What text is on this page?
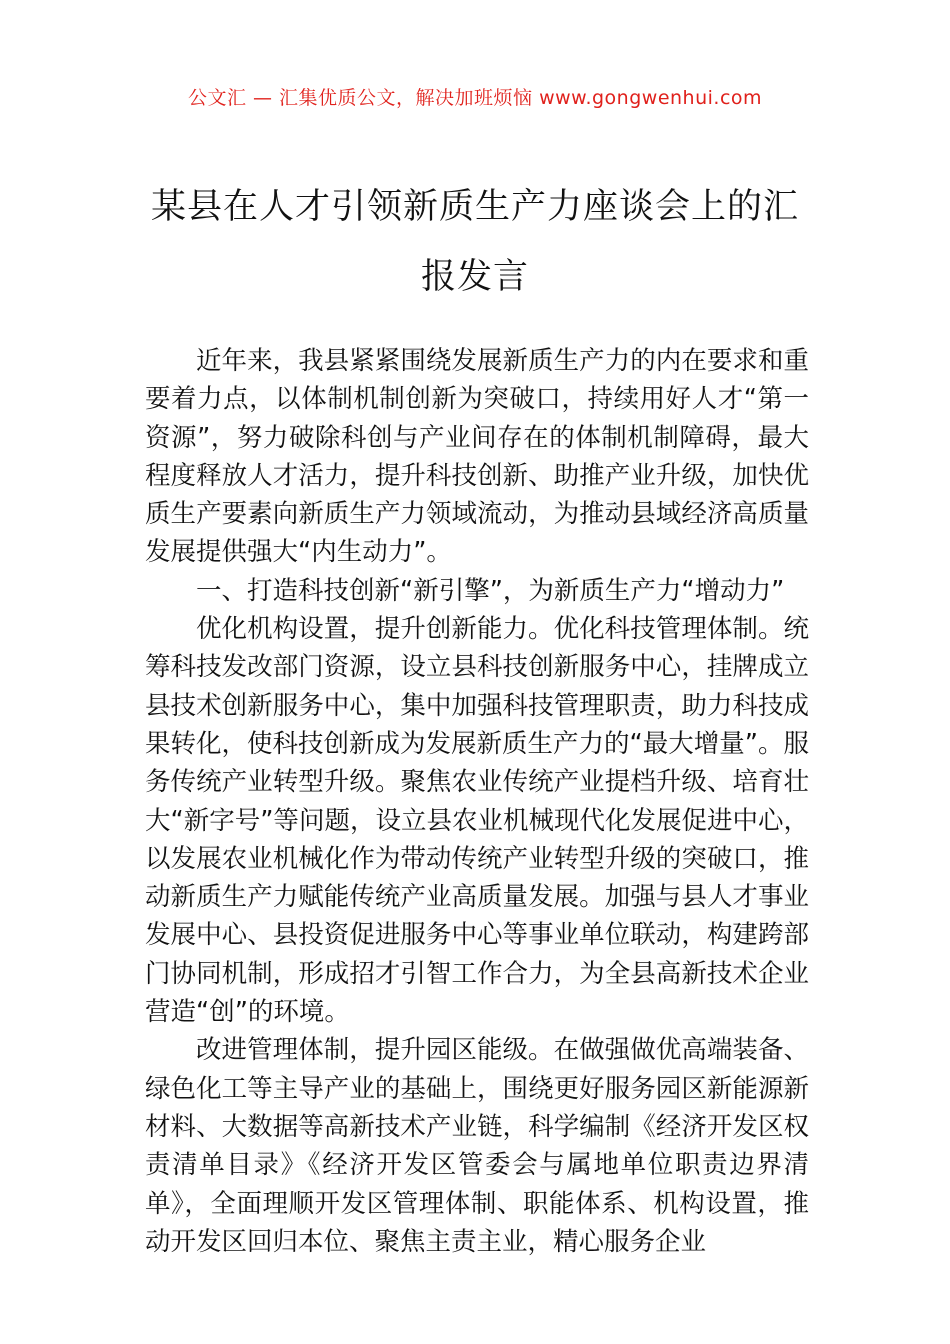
公文汇 — 汇集优质公文，解决加班烦恼 www.gongwenhui.com
某县在人才引领新质生产力座谈会上的汇报发言

近年来，我县紧紧围绕发展新质生产力的内在要求和重要着力点，以体制机制创新为突破口，持续用好人才“第一资源”，努力破除科创与产业间存在的体制机制障碍，最大程度释放人才活力，提升科技创新、助推产业升级，加快优质生产要素向新质生产力领域流动，为推动县域经济高质量发展提供强大“内生动力”。

一、打造科技创新“新引擎”，为新质生产力“增动力”

优化机构设置，提升创新能力。优化科技管理体制。统筹科技发改部门资源，设立县科技创新服务中心，挂牌成立县技术创新服务中心，集中加强科技管理职责，助力科技成果转化，使科技创新成为发展新质生产力的“最大增量”。服务传统产业转型升级。聚焦农业传统产业提档升级、培育壮大“新字号”等问题，设立县农业机械现代化发展促进中心，以发展农业机械化作为带动传统产业转型升级的突破口，推动新质生产力赋能传统产业高质量发展。加强与县人才事业发展中心、县投资促进服务中心等事业单位联动，构建跨部门协同机制，形成招才引智工作合力，为全县高新技术企业营造“创”的环境。

改进管理体制，提升园区能级。在做强做优高端装备、绿色化工等主导产业的基础上，围绕更好服务园区新能源新材料、大数据等高新技术产业链，科学编制《经济开发区权责清单目录》《经济开发区管委会与属地单位职责边界清单》，全面理顺开发区管理体制、职能体系、机构设置，推动开发区回归本位、聚焦主责主业，精心服务企业
